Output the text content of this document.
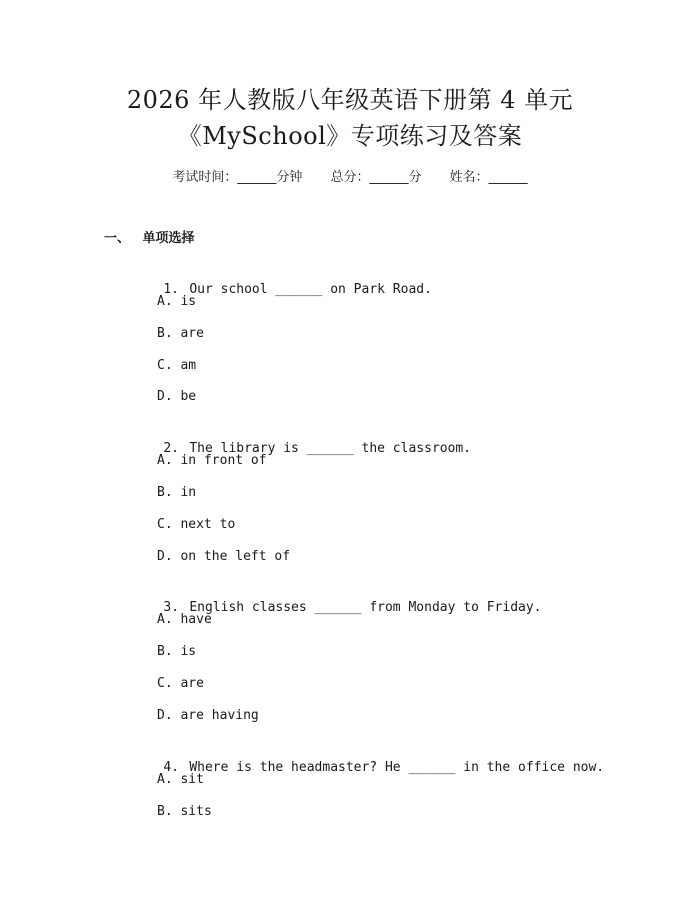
2026 年人教版八年级英语下册第 4 单元
《MySchool》专项练习及答案
考试时间：______分钟 总分：______分 姓名：______
一、 单项选择

1. Our school ______ on Park Road.

A. is
B. are
C. am
D. be

2. The library is ______ the classroom.

A. in front of
B. in
C. next to
D. on the left of

3. English classes ______ from Monday to Friday.

A. have
B. is
C. are
D. are having

4. Where is the headmaster? He ______ in the office now.

A. sit
B. sits
